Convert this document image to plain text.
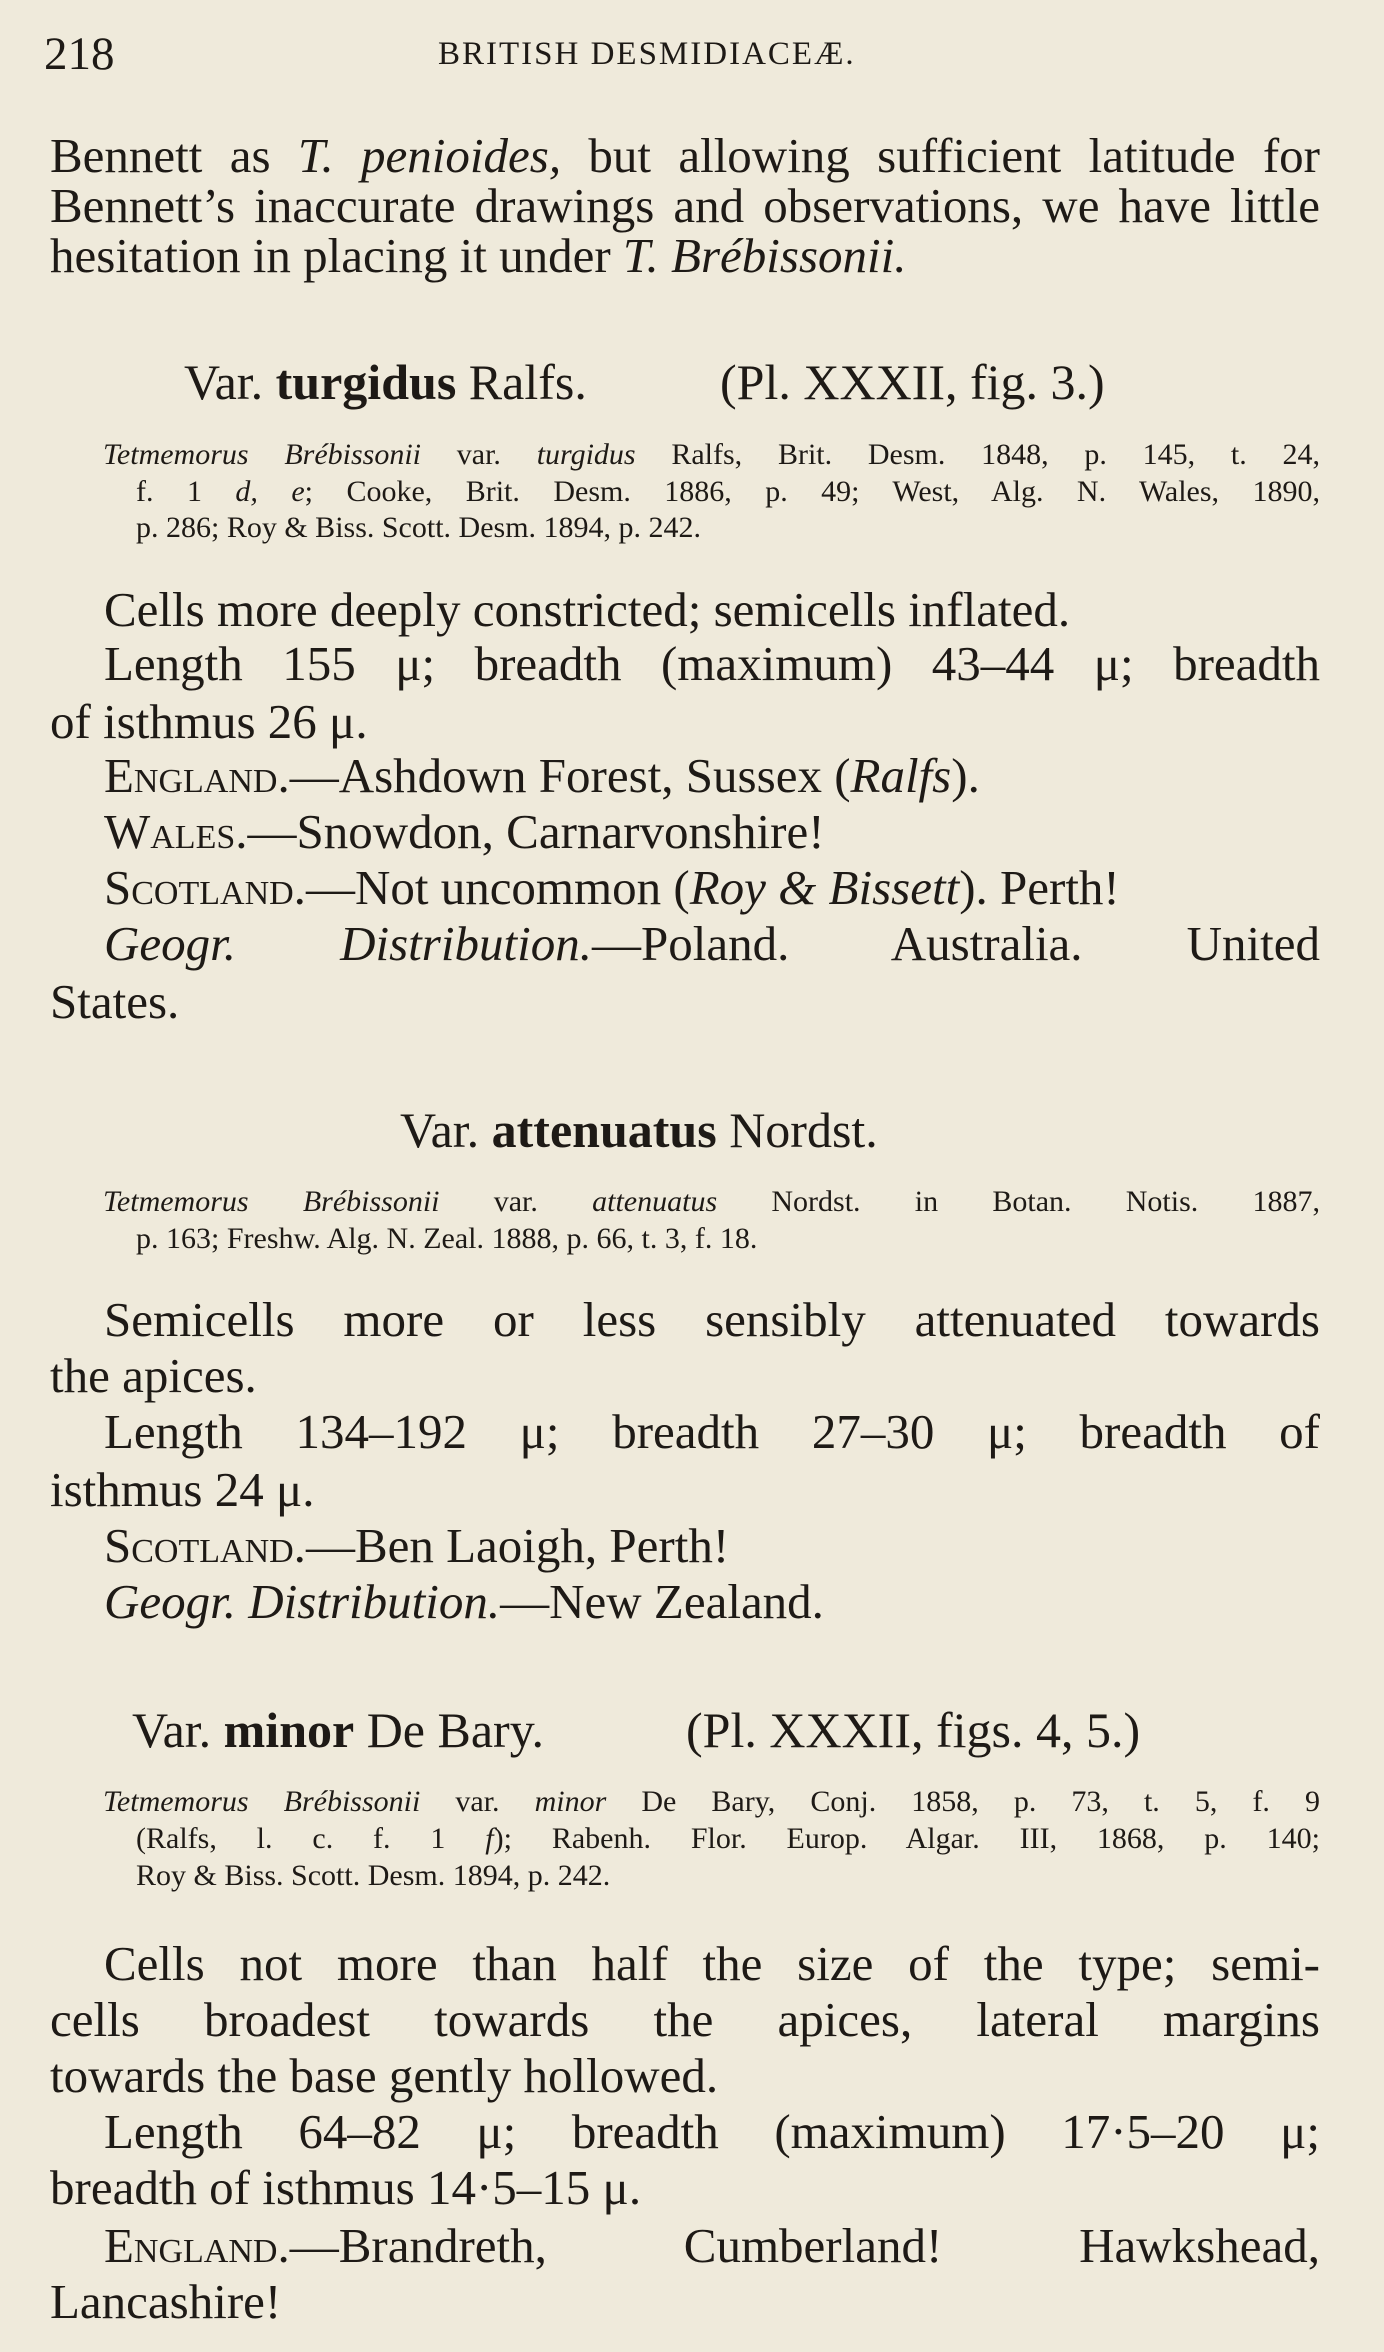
218	BRITISH DESMIDIACEÆ.
Bennett as T. penioides, but allowing sufficient latitude for
Bennett’s inaccurate drawings and observations, we have little
hesitation in placing it under T. Brébissonii.
Var. turgidus Ralfs.	(Pl. XXXII, fig. 3.)
Tetmemorus Brébissonii var. turgidus Ralfs, Brit. Desm. 1848, p. 145, t. 24,
f. 1 d, e; Cooke, Brit. Desm. 1886, p. 49; West, Alg. N. Wales, 1890,
p. 286; Roy & Biss. Scott. Desm. 1894, p. 242.
Cells more deeply constricted; semicells inflated.
Length 155 μ; breadth (maximum) 43–44 μ; breadth
of isthmus 26 μ.
England.—Ashdown Forest, Sussex (Ralfs).
Wales.—Snowdon, Carnarvonshire!
Scotland.—Not uncommon (Roy & Bissett). Perth!
Geogr. Distribution.—Poland. Australia. United
States.
Var. attenuatus Nordst.
Tetmemorus Brébissonii var. attenuatus Nordst. in Botan. Notis. 1887,
p. 163; Freshw. Alg. N. Zeal. 1888, p. 66, t. 3, f. 18.
Semicells more or less sensibly attenuated towards
the apices.
Length 134–192 μ; breadth 27–30 μ; breadth of
isthmus 24 μ.
Scotland.—Ben Laoigh, Perth!
Geogr. Distribution.—New Zealand.
Var. minor De Bary.	(Pl. XXXII, figs. 4, 5.)
Tetmemorus Brébissonii var. minor De Bary, Conj. 1858, p. 73, t. 5, f. 9
(Ralfs, l. c. f. 1 f); Rabenh. Flor. Europ. Algar. III, 1868, p. 140;
Roy & Biss. Scott. Desm. 1894, p. 242.
Cells not more than half the size of the type; semi-
cells broadest towards the apices, lateral margins
towards the base gently hollowed.
Length 64–82 μ; breadth (maximum) 17·5–20 μ;
breadth of isthmus 14·5–15 μ.
England.—Brandreth, Cumberland! Hawkshead,
Lancashire!
